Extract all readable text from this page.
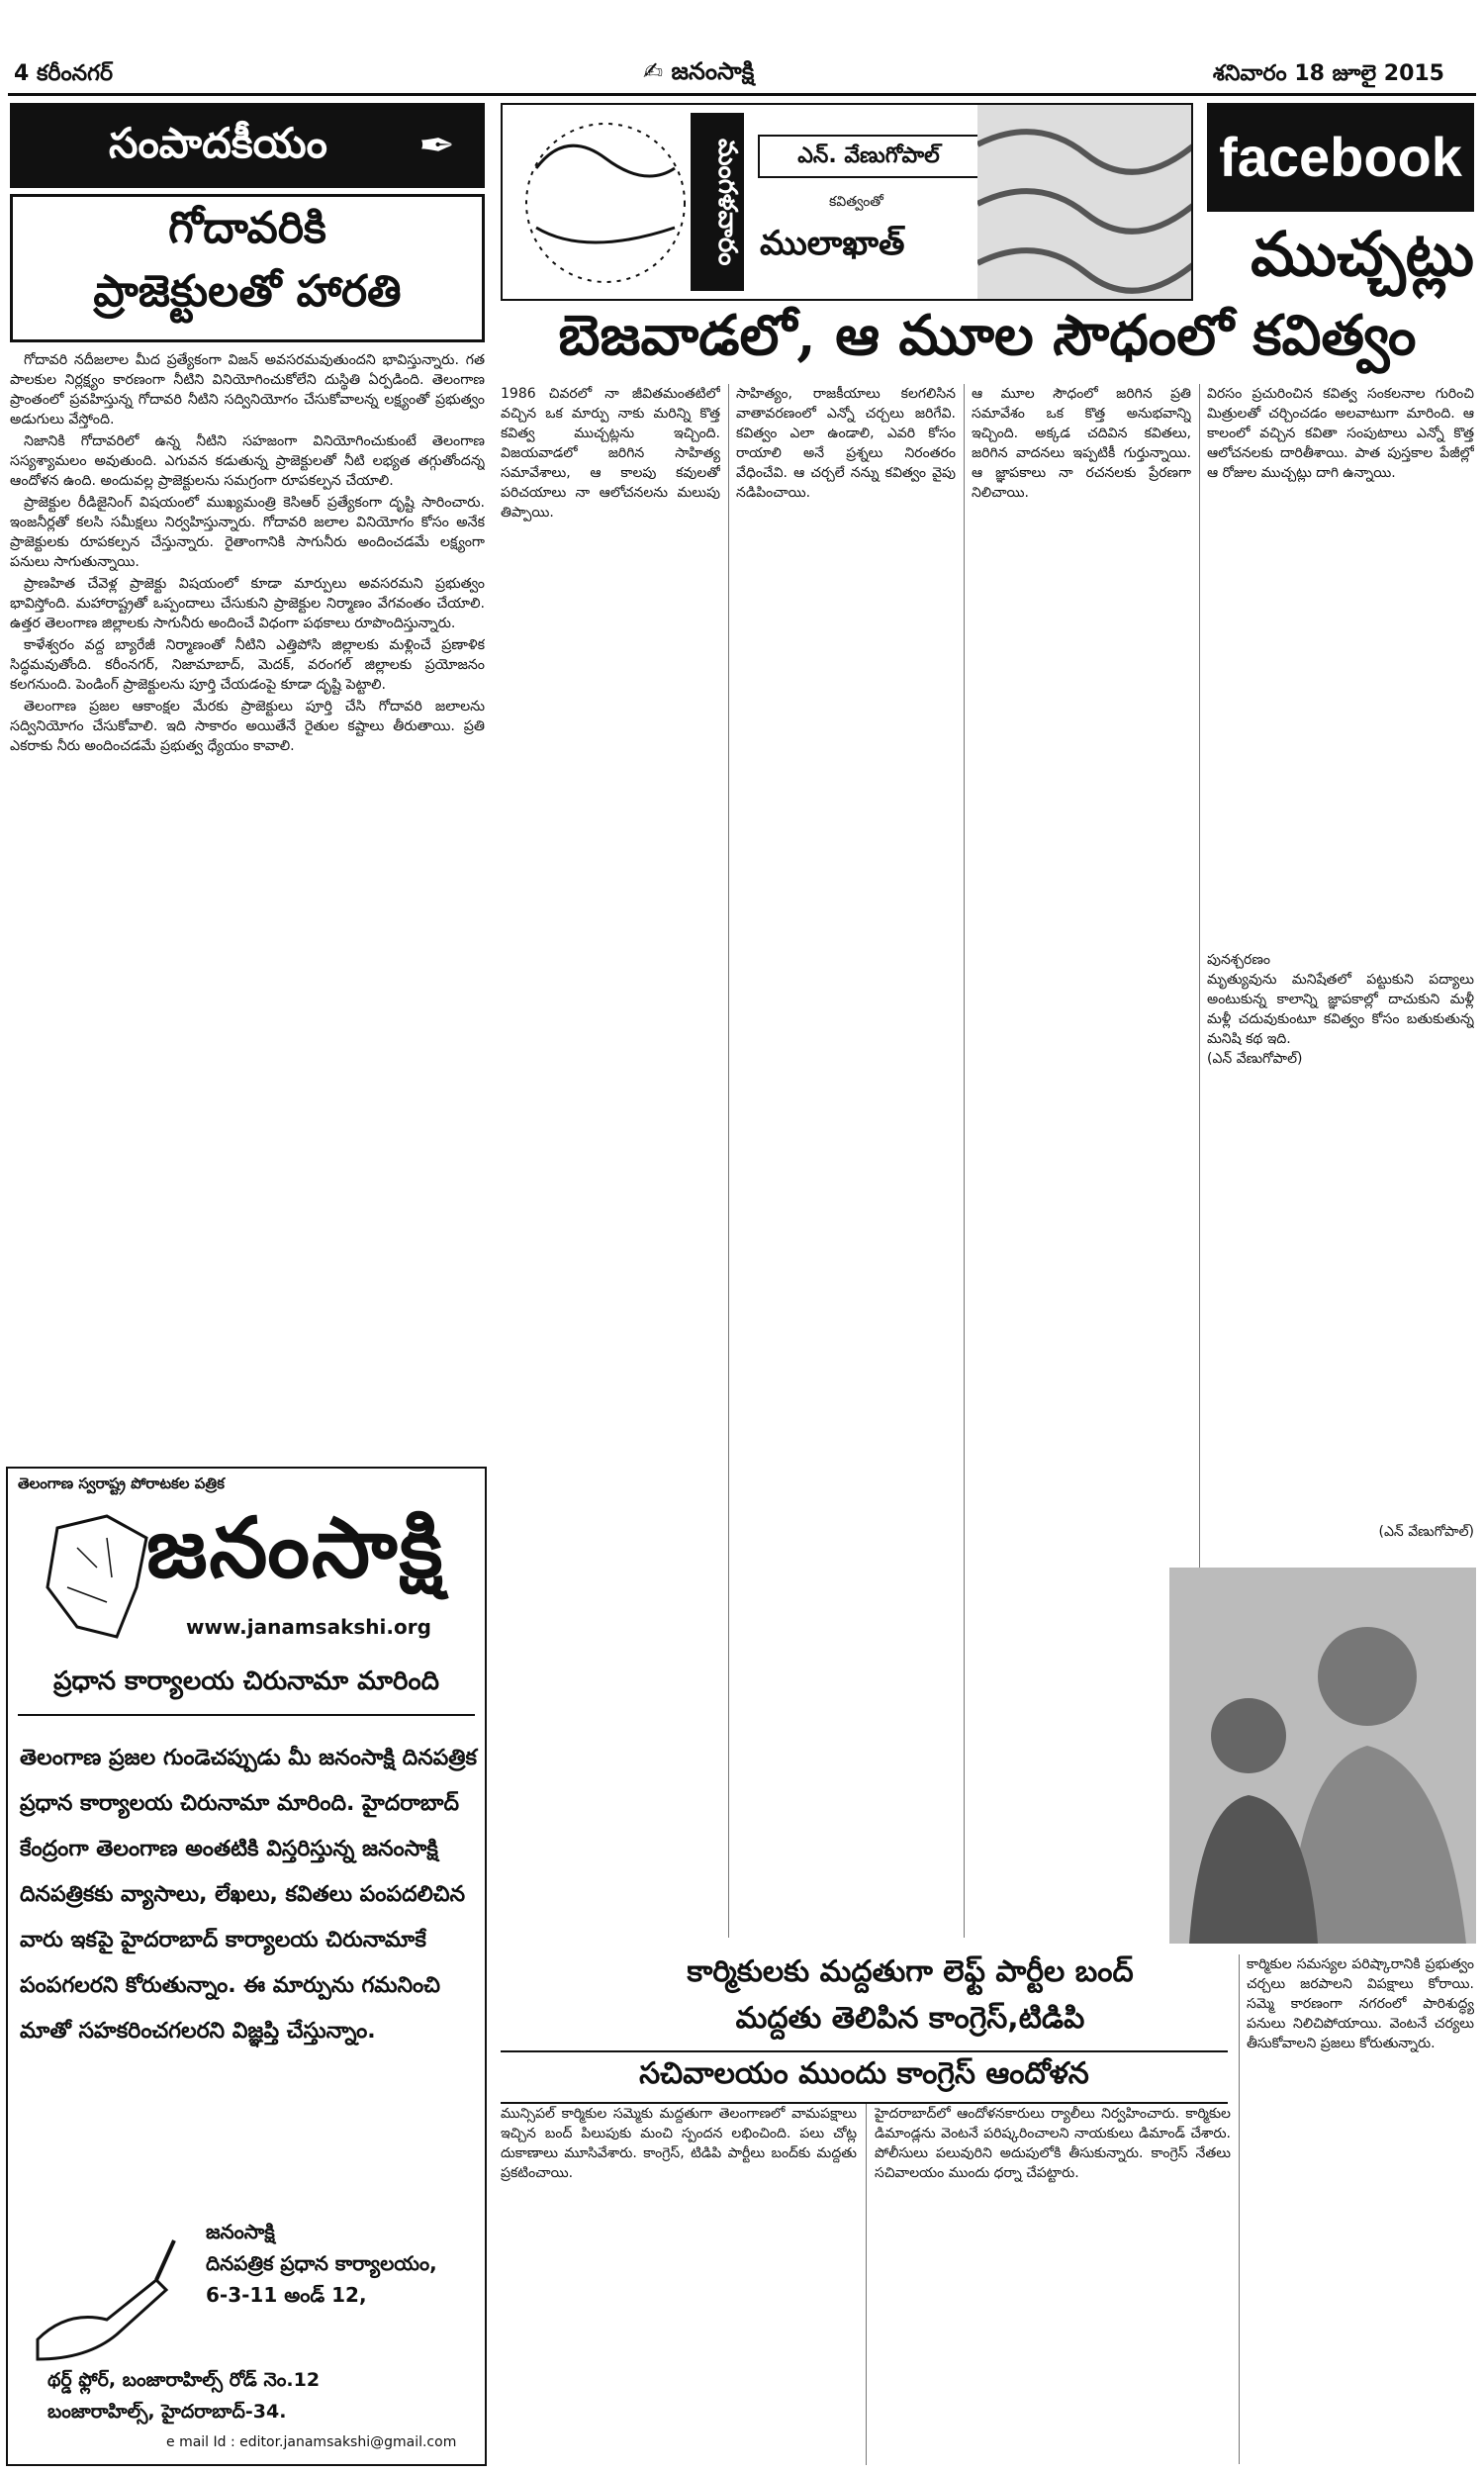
4 కరీంనగర్	✍ జనంసాక్షి	శనివారం 18 జూలై 2015
సంపాదకీయం ✒
గోదావరికి
ప్రాజెక్టులతో హారతి

గోదావరి నదీజలాల మీద ప్రత్యేకంగా విజన్‌ అవసరమవుతుందని భావిస్తున్నారు. గత పాలకుల నిర్లక్ష్యం కారణంగా నీటిని వినియోగించుకోలేని దుస్థితి ఏర్పడింది. తెలంగాణ ప్రాంతంలో ప్రవహిస్తున్న గోదావరి నీటిని సద్వినియోగం చేసుకోవాలన్న లక్ష్యంతో ప్రభుత్వం అడుగులు వేస్తోంది.

నిజానికి గోదావరిలో ఉన్న నీటిని సహజంగా వినియోగించుకుంటే తెలంగాణ సస్యశ్యామలం అవుతుంది. ఎగువన కడుతున్న ప్రాజెక్టులతో నీటి లభ్యత తగ్గుతోందన్న ఆందోళన ఉంది. అందువల్ల ప్రాజెక్టులను సమగ్రంగా రూపకల్పన చేయాలి.

ప్రాజెక్టుల రీడిజైనింగ్‌ విషయంలో ముఖ్యమంత్రి కెసిఆర్‌ ప్రత్యేకంగా దృష్టి సారించారు. ఇంజనీర్లతో కలసి సమీక్షలు నిర్వహిస్తున్నారు. గోదావరి జలాల వినియోగం కోసం అనేక ప్రాజెక్టులకు రూపకల్పన చేస్తున్నారు. రైతాంగానికి సాగునీరు అందించడమే లక్ష్యంగా పనులు సాగుతున్నాయి.

ప్రాణహిత చేవెళ్ల ప్రాజెక్టు విషయంలో కూడా మార్పులు అవసరమని ప్రభుత్వం భావిస్తోంది. మహారాష్ట్రతో ఒప్పందాలు చేసుకుని ప్రాజెక్టుల నిర్మాణం వేగవంతం చేయాలి. ఉత్తర తెలంగాణ జిల్లాలకు సాగునీరు అందించే విధంగా పథకాలు రూపొందిస్తున్నారు.

కాళేశ్వరం వద్ద బ్యారేజీ నిర్మాణంతో నీటిని ఎత్తిపోసి జిల్లాలకు మళ్లించే ప్రణాళిక సిద్ధమవుతోంది. కరీంనగర్‌, నిజామాబాద్‌, మెదక్‌, వరంగల్‌ జిల్లాలకు ప్రయోజనం కలగనుంది. పెండింగ్‌ ప్రాజెక్టులను పూర్తి చేయడంపై కూడా దృష్టి పెట్టాలి.

తెలంగాణ ప్రజల ఆకాంక్షల మేరకు ప్రాజెక్టులు పూర్తి చేసి గోదావరి జలాలను సద్వినియోగం చేసుకోవాలి. ఇది సాకారం అయితేనే రైతుల కష్టాలు తీరుతాయి. ప్రతి ఎకరాకు నీరు అందించడమే ప్రభుత్వ ధ్యేయం కావాలి.

తెలంగాణ స్వరాష్ట్ర పోరాటకల పత్రిక
జనంసాక్షి
www.janamsakshi.org
ప్రధాన కార్యాలయ చిరునామా మారింది
తెలంగాణ ప్రజల గుండెచప్పుడు మీ జనంసాక్షి దినపత్రిక ప్రధాన కార్యాలయ చిరునామా మారింది. హైదరాబాద్‌ కేంద్రంగా తెలంగాణ అంతటికి విస్తరిస్తున్న జనంసాక్షి దినపత్రికకు వ్యాసాలు, లేఖలు, కవితలు పంపదలిచిన వారు ఇకపై హైదరాబాద్‌ కార్యాలయ చిరునామాకే పంపగలరని కోరుతున్నాం. ఈ మార్పును గమనించి మాతో సహకరించగలరని విజ్ఞప్తి చేస్తున్నాం.
జనంసాక్షి
దినపత్రిక ప్రధాన కార్యాలయం,
6-3-11 అండ్‌ 12,
థర్డ్‌ ఫ్లోర్‌, బంజారాహిల్స్‌ రోడ్‌ నెం.12
బంజారాహిల్స్‌, హైదరాబాద్‌-34.
e mail Id : editor.janamsakshi@gmail.com
మంగళవారం	ఎన్‌. వేణుగోపాల్‌
కవిత్వంతో
ములాఖాత్‌
facebook
ముచ్చట్లు
బెజవాడలో, ఆ మూల సౌధంలో కవిత్వం
1986 చివరలో నా జీవితమంతటిలో వచ్చిన ఒక మార్పు నాకు మరిన్ని కొత్త కవిత్వ ముచ్చట్లను ఇచ్చింది. విజయవాడలో జరిగిన సాహిత్య సమావేశాలు, ఆ కాలపు కవులతో పరిచయాలు నా ఆలోచనలను మలుపు తిప్పాయి.
సాహిత్యం, రాజకీయాలు కలగలిసిన వాతావరణంలో ఎన్నో చర్చలు జరిగేవి. కవిత్వం ఎలా ఉండాలి, ఎవరి కోసం రాయాలి అనే ప్రశ్నలు నిరంతరం వేధించేవి. ఆ చర్చలే నన్ను కవిత్వం వైపు నడిపించాయి.
ఆ మూల సౌధంలో జరిగిన ప్రతి సమావేశం ఒక కొత్త అనుభవాన్ని ఇచ్చింది. అక్కడ చదివిన కవితలు, జరిగిన వాదనలు ఇప్పటికీ గుర్తున్నాయి. ఆ జ్ఞాపకాలు నా రచనలకు ప్రేరణగా నిలిచాయి.
విరసం ప్రచురించిన కవిత్వ సంకలనాల గురించి మిత్రులతో చర్చించడం అలవాటుగా మారింది. ఆ కాలంలో వచ్చిన కవితా సంపుటాలు ఎన్నో కొత్త ఆలోచనలకు దారితీశాయి. పాత పుస్తకాల పేజీల్లో ఆ రోజుల ముచ్చట్లు దాగి ఉన్నాయి.
పునశ్చరణం
మృత్యువును మనిషేతలో పట్టుకుని పద్యాలు అంటుకున్న కాలాన్ని జ్ఞాపకాల్లో దాచుకుని మళ్లీ మళ్లీ చదువుకుంటూ కవిత్వం కోసం బతుకుతున్న మనిషి కథ ఇది.
(ఎన్‌ వేణుగోపాల్‌)
(ఎన్‌ వేణుగోపాల్‌)
కార్మికులకు మద్దతుగా లెఫ్ట్‌ పార్టీల బంద్‌
మద్దతు తెలిపిన కాంగ్రెస్‌,టిడిపి
సచివాలయం ముందు కాంగ్రెస్‌ ఆందోళన
మున్సిపల్‌ కార్మికుల సమ్మెకు మద్దతుగా తెలంగాణలో వామపక్షాలు ఇచ్చిన బంద్‌ పిలుపుకు మంచి స్పందన లభించింది. పలు చోట్ల దుకాణాలు మూసివేశారు. కాంగ్రెస్‌, టిడిపి పార్టీలు బంద్‌కు మద్దతు ప్రకటించాయి.
హైదరాబాద్‌లో ఆందోళనకారులు ర్యాలీలు నిర్వహించారు. కార్మికుల డిమాండ్లను వెంటనే పరిష్కరించాలని నాయకులు డిమాండ్‌ చేశారు. పోలీసులు పలువురిని అదుపులోకి తీసుకున్నారు. కాంగ్రెస్‌ నేతలు సచివాలయం ముందు ధర్నా చేపట్టారు.
కార్మికుల సమస్యల పరిష్కారానికి ప్రభుత్వం చర్చలు జరపాలని విపక్షాలు కోరాయి. సమ్మె కారణంగా నగరంలో పారిశుద్ధ్య పనులు నిలిచిపోయాయి. వెంటనే చర్యలు తీసుకోవాలని ప్రజలు కోరుతున్నారు.
